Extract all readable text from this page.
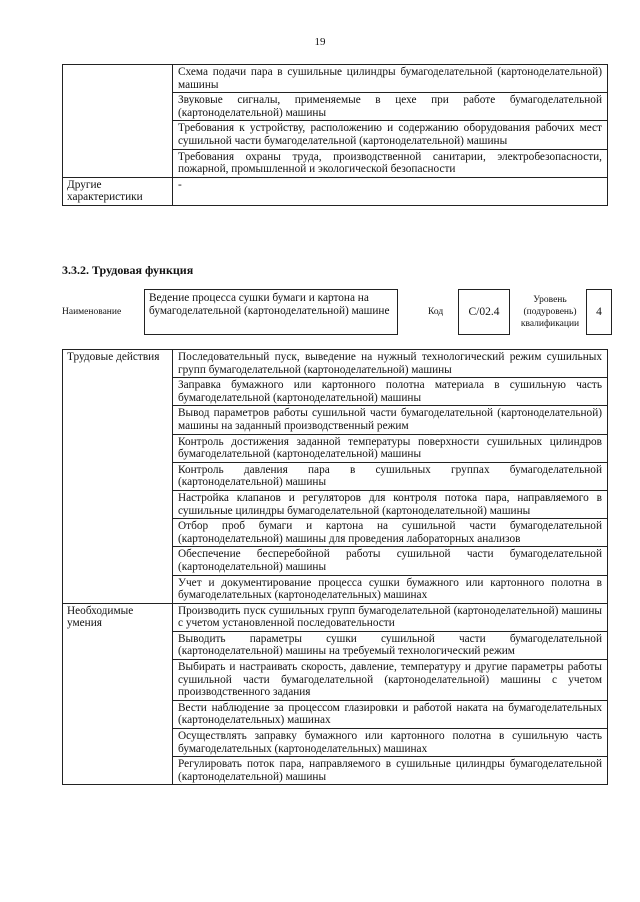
19
	Схема подачи пара в сушильные цилиндры бумагоделательной (картоноделательной) машины
	Звуковые сигналы, применяемые в цехе при работе бумагоделательной (картоноделательной) машины
	Требования к устройству, расположению и содержанию оборудования рабочих мест сушильной части бумагоделательной (картоноделательной) машины
	Требования охраны труда, производственной санитарии, электробезопасности, пожарной, промышленной и экологической безопасности
Другие характеристики	-
3.3.2. Трудовая функция
Наименование
Ведение процесса сушки бумаги и картона на бумагоделательной (картоноделательной) машине	Код	С/02.4
Уровень (подуровень) квалификации
4
Трудовые действия	Последовательный пуск, выведение на нужный технологический режим сушильных групп бумагоделательной (картоноделательной) машины
	Заправка бумажного или картонного полотна материала в сушильную часть бумагоделательной (картоноделательной) машины
	Вывод параметров работы сушильной части бумагоделательной (картоноделательной) машины на заданный производственный режим
	Контроль достижения заданной температуры поверхности сушильных цилиндров бумагоделательной (картоноделательной) машины
	Контроль давления пара в сушильных группах бумагоделательной (картоноделательной) машины
	Настройка клапанов и регуляторов для контроля потока пара, направляемого в сушильные цилиндры бумагоделательной (картоноделательной) машины
	Отбор проб бумаги и картона на сушильной части бумагоделательной (картоноделательной) машины для проведения лабораторных анализов
	Обеспечение бесперебойной работы сушильной части бумагоделательной (картоноделательной) машины
	Учет и документирование процесса сушки бумажного или картонного полотна в бумагоделательных (картоноделательных) машинах
Необходимые умения	Производить пуск сушильных групп бумагоделательной (картоноделательной) машины с учетом установленной последовательности
	Выводить параметры сушки сушильной части бумагоделательной (картоноделательной) машины на требуемый технологический режим
	Выбирать и настраивать скорость, давление, температуру и другие параметры работы сушильной части бумагоделательной (картоноделательной) машины с учетом производственного задания
	Вести наблюдение за процессом глазировки и работой наката на бумагоделательных (картоноделательных) машинах
	Осуществлять заправку бумажного или картонного полотна в сушильную часть бумагоделательных (картоноделательных) машинах
	Регулировать поток пара, направляемого в сушильные цилиндры бумагоделательной (картоноделательной) машины
